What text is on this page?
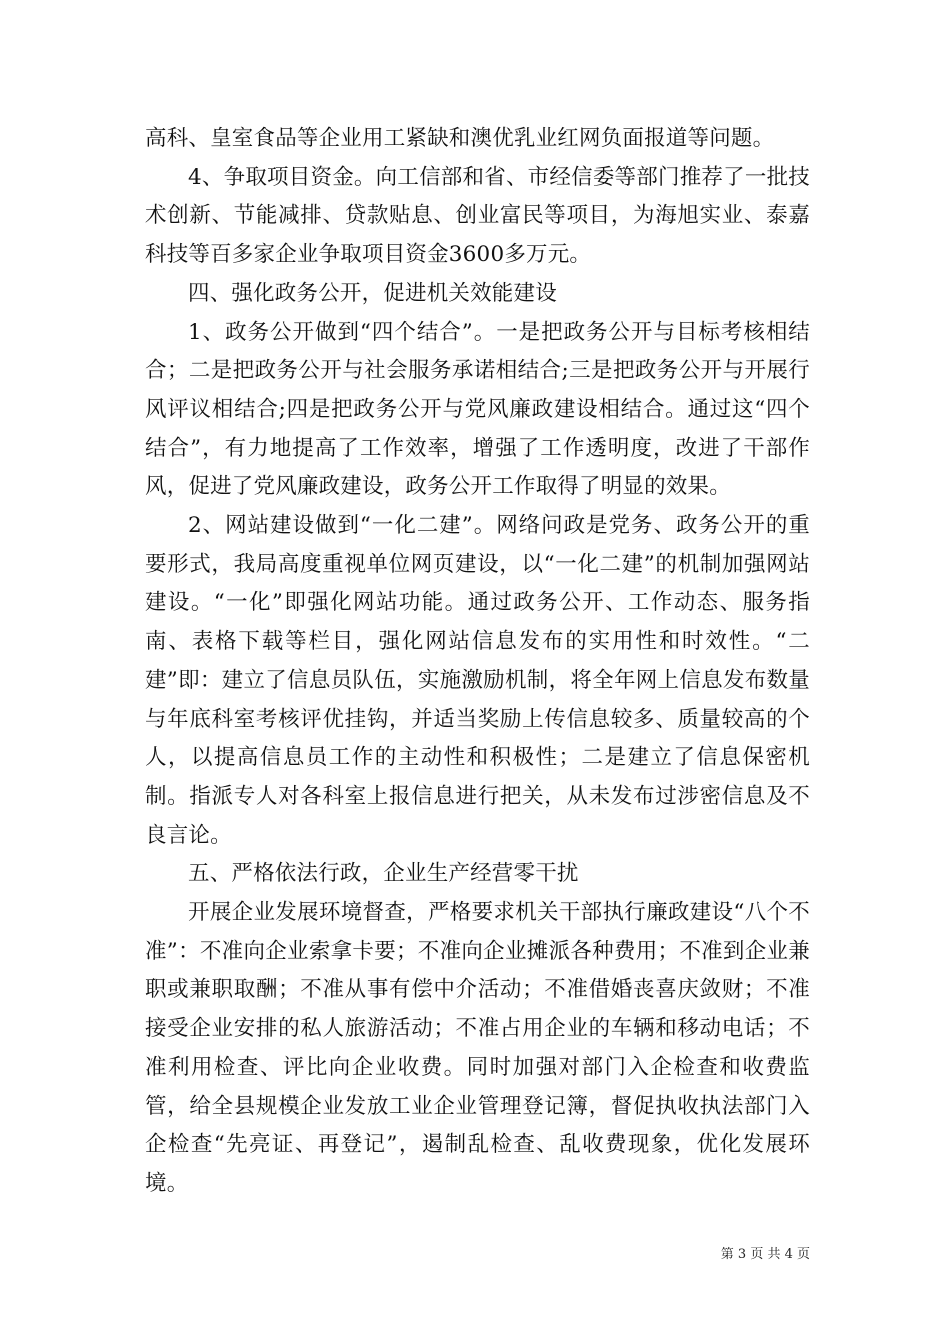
高科、皇室食品等企业用工紧缺和澳优乳业红网负面报道等问题。

4、争取项目资金。向工信部和省、市经信委等部门推荐了一批技术创新、节能减排、贷款贴息、创业富民等项目，为海旭实业、泰嘉科技等百多家企业争取项目资金3600多万元。

四、强化政务公开，促进机关效能建设

1、政务公开做到“四个结合”。一是把政务公开与目标考核相结合；二是把政务公开与社会服务承诺相结合;三是把政务公开与开展行风评议相结合;四是把政务公开与党风廉政建设相结合。通过这“四个结合”，有力地提高了工作效率，增强了工作透明度，改进了干部作风，促进了党风廉政建设，政务公开工作取得了明显的效果。

2、网站建设做到“一化二建”。网络问政是党务、政务公开的重要形式，我局高度重视单位网页建设，以“一化二建”的机制加强网站建设。“一化”即强化网站功能。通过政务公开、工作动态、服务指南、表格下载等栏目，强化网站信息发布的实用性和时效性。“二建”即：建立了信息员队伍，实施激励机制，将全年网上信息发布数量与年底科室考核评优挂钩，并适当奖励上传信息较多、质量较高的个人，以提高信息员工作的主动性和积极性；二是建立了信息保密机制。指派专人对各科室上报信息进行把关，从未发布过涉密信息及不良言论。

五、严格依法行政，企业生产经营零干扰

开展企业发展环境督查，严格要求机关干部执行廉政建设“八个不准”：不准向企业索拿卡要；不准向企业摊派各种费用；不准到企业兼职或兼职取酬；不准从事有偿中介活动；不准借婚丧喜庆敛财；不准接受企业安排的私人旅游活动；不准占用企业的车辆和移动电话；不准利用检查、评比向企业收费。同时加强对部门入企检查和收费监管，给全县规模企业发放工业企业管理登记簿，督促执收执法部门入企检查“先亮证、再登记”，遏制乱检查、乱收费现象，优化发展环境。

第 3 页 共 4 页
